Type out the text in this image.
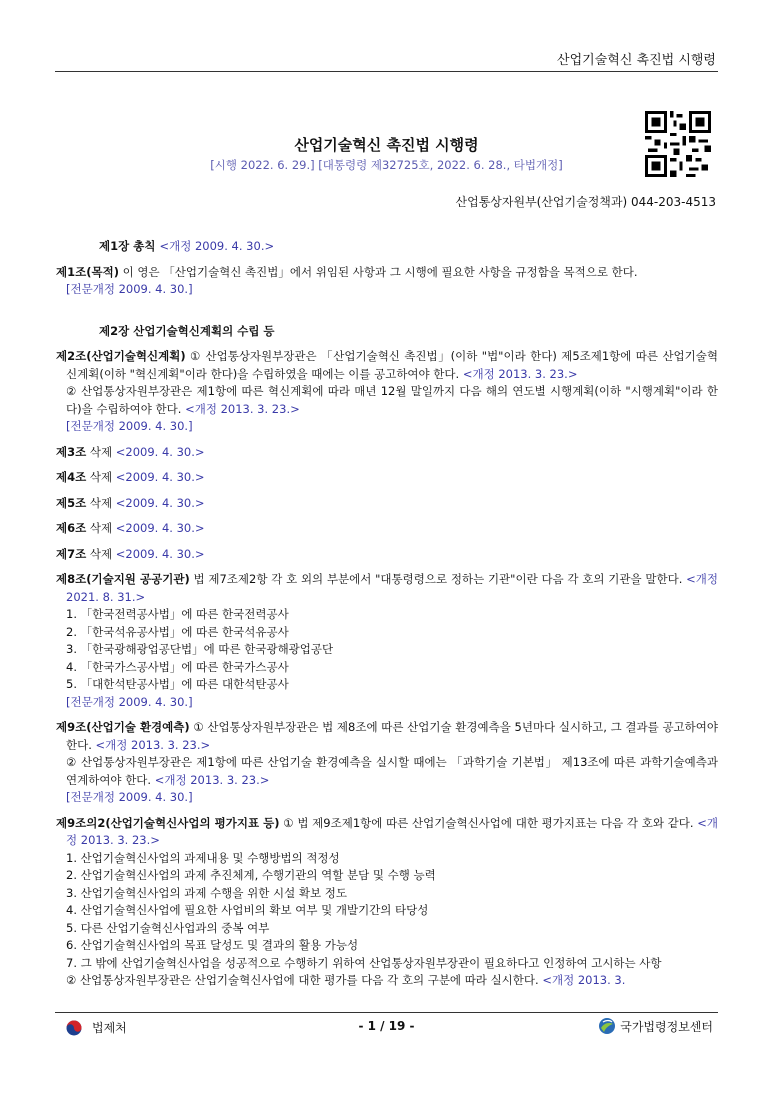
산업기술혁신 촉진법 시행령
산업기술혁신 촉진법 시행령
[시행 2022. 6. 29.] [대통령령 제32725호, 2022. 6. 28., 타법개정]
산업통상자원부(산업기술정책과) 044-203-4513
제1장 총칙 <개정 2009. 4. 30.>
제1조(목적) 이 영은 「산업기술혁신 촉진법」에서 위임된 사항과 그 시행에 필요한 사항을 규정함을 목적으로 한다.
[전문개정 2009. 4. 30.]
제2장 산업기술혁신계획의 수립 등
제2조(산업기술혁신계획) ① 산업통상자원부장관은 「산업기술혁신 촉진법」(이하 "법"이라 한다) 제5조제1항에 따른 산업기술혁신계획(이하 "혁신계획"이라 한다)을 수립하였을 때에는 이를 공고하여야 한다. <개정 2013. 3. 23.>
② 산업통상자원부장관은 제1항에 따른 혁신계획에 따라 매년 12월 말일까지 다음 해의 연도별 시행계획(이하 "시행계획"이라 한다)을 수립하여야 한다. <개정 2013. 3. 23.>
[전문개정 2009. 4. 30.]
제3조 삭제 <2009. 4. 30.>
제4조 삭제 <2009. 4. 30.>
제5조 삭제 <2009. 4. 30.>
제6조 삭제 <2009. 4. 30.>
제7조 삭제 <2009. 4. 30.>
제8조(기술지원 공공기관) 법 제7조제2항 각 호 외의 부분에서 "대통령령으로 정하는 기관"이란 다음 각 호의 기관을 말한다. <개정 2021. 8. 31.>
1. 「한국전력공사법」에 따른 한국전력공사
2. 「한국석유공사법」에 따른 한국석유공사
3. 「한국광해광업공단법」에 따른 한국광해광업공단
4. 「한국가스공사법」에 따른 한국가스공사
5. 「대한석탄공사법」에 따른 대한석탄공사
[전문개정 2009. 4. 30.]
제9조(산업기술 환경예측) ① 산업통상자원부장관은 법 제8조에 따른 산업기술 환경예측을 5년마다 실시하고, 그 결과를 공고하여야 한다. <개정 2013. 3. 23.>
② 산업통상자원부장관은 제1항에 따른 산업기술 환경예측을 실시할 때에는 「과학기술 기본법」 제13조에 따른 과학기술예측과 연계하여야 한다. <개정 2013. 3. 23.>
[전문개정 2009. 4. 30.]
제9조의2(산업기술혁신사업의 평가지표 등) ① 법 제9조제1항에 따른 산업기술혁신사업에 대한 평가지표는 다음 각 호와 같다. <개정 2013. 3. 23.>
1. 산업기술혁신사업의 과제내용 및 수행방법의 적정성
2. 산업기술혁신사업의 과제 추진체계, 수행기관의 역할 분담 및 수행 능력
3. 산업기술혁신사업의 과제 수행을 위한 시설 확보 정도
4. 산업기술혁신사업에 필요한 사업비의 확보 여부 및 개발기간의 타당성
5. 다른 산업기술혁신사업과의 중복 여부
6. 산업기술혁신사업의 목표 달성도 및 결과의 활용 가능성
7. 그 밖에 산업기술혁신사업을 성공적으로 수행하기 위하여 산업통상자원부장관이 필요하다고 인정하여 고시하는 사항
② 산업통상자원부장관은 산업기술혁신사업에 대한 평가를 다음 각 호의 구분에 따라 실시한다. <개정 2013. 3.
법제처	- 1 / 19 -	국가법령정보센터
